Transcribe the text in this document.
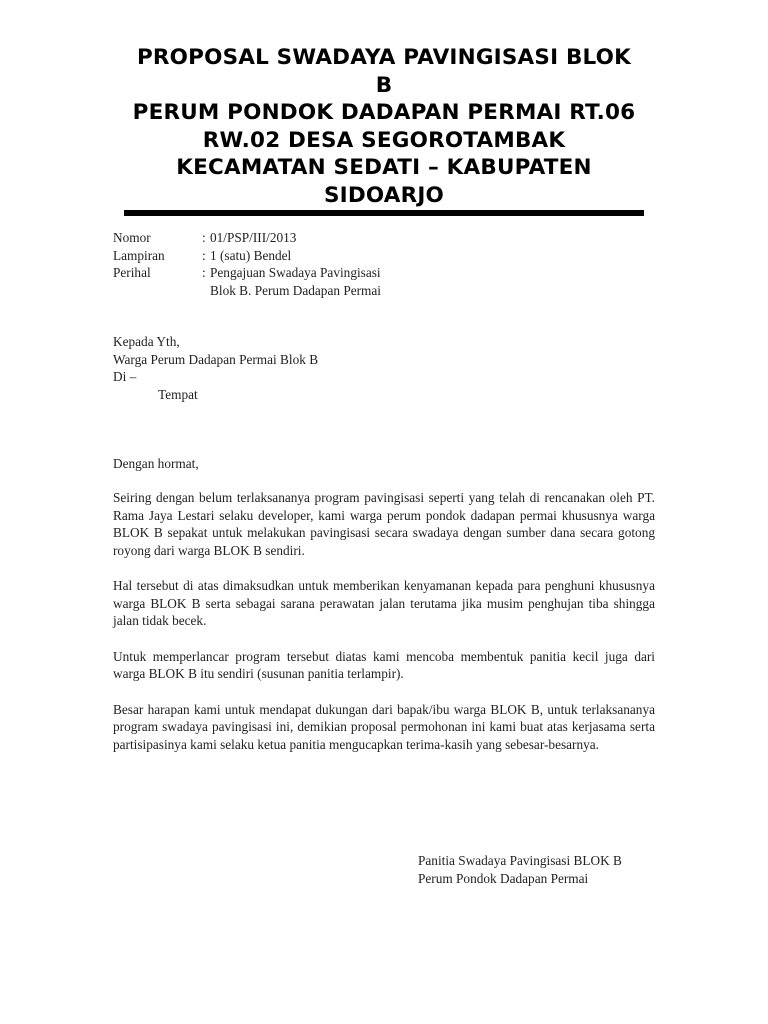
PROPOSAL SWADAYA PAVINGISASI BLOK
B
PERUM PONDOK DADAPAN PERMAI RT.06
RW.02 DESA SEGOROTAMBAK
KECAMATAN SEDATI – KABUPATEN
SIDOARJO
Nomor	: 01/PSP/III/2013
Lampiran	: 1 (satu) Bendel
Perihal	: Pengajuan Swadaya Pavingisasi
Blok B. Perum Dadapan Permai
Kepada Yth,
Warga Perum Dadapan Permai Blok B
Di –
Tempat
Dengan hormat,

Seiring dengan belum terlaksananya program pavingisasi seperti yang telah di rencanakan oleh PT. Rama Jaya Lestari selaku developer, kami warga perum pondok dadapan permai khususnya warga BLOK B sepakat untuk melakukan pavingisasi secara swadaya dengan sumber dana secara gotong royong dari warga BLOK B sendiri.

Hal tersebut di atas dimaksudkan untuk memberikan kenyamanan kepada para penghuni khususnya warga BLOK B serta sebagai sarana perawatan jalan terutama jika musim penghujan tiba shingga jalan tidak becek.

Untuk memperlancar program tersebut diatas kami mencoba membentuk panitia kecil juga dari warga BLOK B itu sendiri (susunan panitia terlampir).

Besar harapan kami untuk mendapat dukungan dari bapak/ibu warga BLOK B, untuk terlaksananya program swadaya pavingisasi ini, demikian proposal permohonan ini kami buat atas kerjasama serta partisipasinya kami selaku ketua panitia mengucapkan terima-kasih yang sebesar-besarnya.

Panitia Swadaya Pavingisasi BLOK B
Perum Pondok Dadapan Permai
